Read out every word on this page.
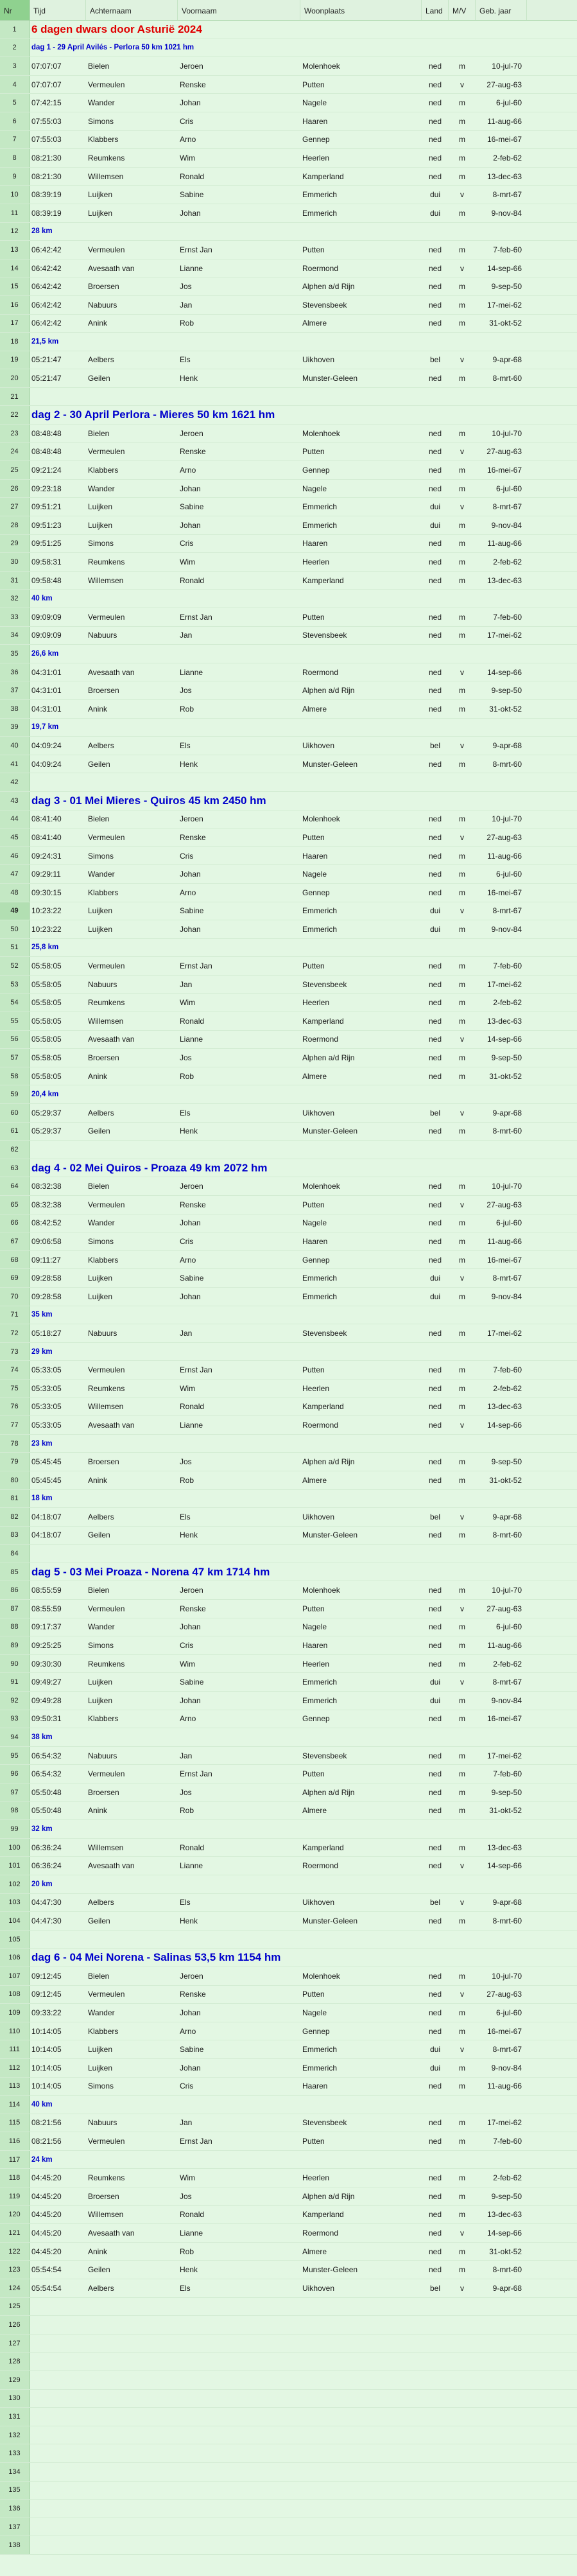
Nr	Tijd	Achternaam	Voornaam	Woonplaats	Land	M/V	Geb. jaar
1	6 dagen dwars door Asturië 2024
2	dag 1 - 29 April Avilés - Perlora 50 km 1021 hm
3	07:07:07	Bielen	Jeroen	Molenhoek	ned	m	10-jul-70
4	07:07:07	Vermeulen	Renske	Putten	ned	v	27-aug-63
5	07:42:15	Wander	Johan	Nagele	ned	m	6-jul-60
6	07:55:03	Simons	Cris	Haaren	ned	m	11-aug-66
7	07:55:03	Klabbers	Arno	Gennep	ned	m	16-mei-67
8	08:21:30	Reumkens	Wim	Heerlen	ned	m	2-feb-62
9	08:21:30	Willemsen	Ronald	Kamperland	ned	m	13-dec-63
10	08:39:19	Luijken	Sabine	Emmerich	dui	v	8-mrt-67
11	08:39:19	Luijken	Johan	Emmerich	dui	m	9-nov-84
12	28 km
13	06:42:42	Vermeulen	Ernst Jan	Putten	ned	m	7-feb-60
14	06:42:42	Avesaath van	Lianne	Roermond	ned	v	14-sep-66
15	06:42:42	Broersen	Jos	Alphen a/d Rijn	ned	m	9-sep-50
16	06:42:42	Nabuurs	Jan	Stevensbeek	ned	m	17-mei-62
17	06:42:42	Anink	Rob	Almere	ned	m	31-okt-52
18	21,5 km
19	05:21:47	Aelbers	Els	Uikhoven	bel	v	9-apr-68
20	05:21:47	Geilen	Henk	Munster-Geleen	ned	m	8-mrt-60
21
22	dag 2 - 30 April Perlora - Mieres 50 km 1621 hm
23	08:48:48	Bielen	Jeroen	Molenhoek	ned	m	10-jul-70
24	08:48:48	Vermeulen	Renske	Putten	ned	v	27-aug-63
25	09:21:24	Klabbers	Arno	Gennep	ned	m	16-mei-67
26	09:23:18	Wander	Johan	Nagele	ned	m	6-jul-60
27	09:51:21	Luijken	Sabine	Emmerich	dui	v	8-mrt-67
28	09:51:23	Luijken	Johan	Emmerich	dui	m	9-nov-84
29	09:51:25	Simons	Cris	Haaren	ned	m	11-aug-66
30	09:58:31	Reumkens	Wim	Heerlen	ned	m	2-feb-62
31	09:58:48	Willemsen	Ronald	Kamperland	ned	m	13-dec-63
32	40 km
33	09:09:09	Vermeulen	Ernst Jan	Putten	ned	m	7-feb-60
34	09:09:09	Nabuurs	Jan	Stevensbeek	ned	m	17-mei-62
35	26,6 km
36	04:31:01	Avesaath van	Lianne	Roermond	ned	v	14-sep-66
37	04:31:01	Broersen	Jos	Alphen a/d Rijn	ned	m	9-sep-50
38	04:31:01	Anink	Rob	Almere	ned	m	31-okt-52
39	19,7 km
40	04:09:24	Aelbers	Els	Uikhoven	bel	v	9-apr-68
41	04:09:24	Geilen	Henk	Munster-Geleen	ned	m	8-mrt-60
42
43	dag 3 - 01 Mei Mieres - Quiros 45 km 2450 hm
44	08:41:40	Bielen	Jeroen	Molenhoek	ned	m	10-jul-70
45	08:41:40	Vermeulen	Renske	Putten	ned	v	27-aug-63
46	09:24:31	Simons	Cris	Haaren	ned	m	11-aug-66
47	09:29:11	Wander	Johan	Nagele	ned	m	6-jul-60
48	09:30:15	Klabbers	Arno	Gennep	ned	m	16-mei-67
49	10:23:22	Luijken	Sabine	Emmerich	dui	v	8-mrt-67
50	10:23:22	Luijken	Johan	Emmerich	dui	m	9-nov-84
51	25,8 km
52	05:58:05	Vermeulen	Ernst Jan	Putten	ned	m	7-feb-60
53	05:58:05	Nabuurs	Jan	Stevensbeek	ned	m	17-mei-62
54	05:58:05	Reumkens	Wim	Heerlen	ned	m	2-feb-62
55	05:58:05	Willemsen	Ronald	Kamperland	ned	m	13-dec-63
56	05:58:05	Avesaath van	Lianne	Roermond	ned	v	14-sep-66
57	05:58:05	Broersen	Jos	Alphen a/d Rijn	ned	m	9-sep-50
58	05:58:05	Anink	Rob	Almere	ned	m	31-okt-52
59	20,4 km
60	05:29:37	Aelbers	Els	Uikhoven	bel	v	9-apr-68
61	05:29:37	Geilen	Henk	Munster-Geleen	ned	m	8-mrt-60
62
63	dag 4 - 02 Mei Quiros - Proaza 49 km 2072 hm
64	08:32:38	Bielen	Jeroen	Molenhoek	ned	m	10-jul-70
65	08:32:38	Vermeulen	Renske	Putten	ned	v	27-aug-63
66	08:42:52	Wander	Johan	Nagele	ned	m	6-jul-60
67	09:06:58	Simons	Cris	Haaren	ned	m	11-aug-66
68	09:11:27	Klabbers	Arno	Gennep	ned	m	16-mei-67
69	09:28:58	Luijken	Sabine	Emmerich	dui	v	8-mrt-67
70	09:28:58	Luijken	Johan	Emmerich	dui	m	9-nov-84
71	35 km
72	05:18:27	Nabuurs	Jan	Stevensbeek	ned	m	17-mei-62
73	29 km
74	05:33:05	Vermeulen	Ernst Jan	Putten	ned	m	7-feb-60
75	05:33:05	Reumkens	Wim	Heerlen	ned	m	2-feb-62
76	05:33:05	Willemsen	Ronald	Kamperland	ned	m	13-dec-63
77	05:33:05	Avesaath van	Lianne	Roermond	ned	v	14-sep-66
78	23 km
79	05:45:45	Broersen	Jos	Alphen a/d Rijn	ned	m	9-sep-50
80	05:45:45	Anink	Rob	Almere	ned	m	31-okt-52
81	18 km
82	04:18:07	Aelbers	Els	Uikhoven	bel	v	9-apr-68
83	04:18:07	Geilen	Henk	Munster-Geleen	ned	m	8-mrt-60
84
85	dag 5 - 03 Mei Proaza - Norena 47 km 1714 hm
86	08:55:59	Bielen	Jeroen	Molenhoek	ned	m	10-jul-70
87	08:55:59	Vermeulen	Renske	Putten	ned	v	27-aug-63
88	09:17:37	Wander	Johan	Nagele	ned	m	6-jul-60
89	09:25:25	Simons	Cris	Haaren	ned	m	11-aug-66
90	09:30:30	Reumkens	Wim	Heerlen	ned	m	2-feb-62
91	09:49:27	Luijken	Sabine	Emmerich	dui	v	8-mrt-67
92	09:49:28	Luijken	Johan	Emmerich	dui	m	9-nov-84
93	09:50:31	Klabbers	Arno	Gennep	ned	m	16-mei-67
94	38 km
95	06:54:32	Nabuurs	Jan	Stevensbeek	ned	m	17-mei-62
96	06:54:32	Vermeulen	Ernst Jan	Putten	ned	m	7-feb-60
97	05:50:48	Broersen	Jos	Alphen a/d Rijn	ned	m	9-sep-50
98	05:50:48	Anink	Rob	Almere	ned	m	31-okt-52
99	32 km
100	06:36:24	Willemsen	Ronald	Kamperland	ned	m	13-dec-63
101	06:36:24	Avesaath van	Lianne	Roermond	ned	v	14-sep-66
102	20 km
103	04:47:30	Aelbers	Els	Uikhoven	bel	v	9-apr-68
104	04:47:30	Geilen	Henk	Munster-Geleen	ned	m	8-mrt-60
105
106	dag 6 - 04 Mei Norena - Salinas 53,5 km 1154 hm
107	09:12:45	Bielen	Jeroen	Molenhoek	ned	m	10-jul-70
108	09:12:45	Vermeulen	Renske	Putten	ned	v	27-aug-63
109	09:33:22	Wander	Johan	Nagele	ned	m	6-jul-60
110	10:14:05	Klabbers	Arno	Gennep	ned	m	16-mei-67
111	10:14:05	Luijken	Sabine	Emmerich	dui	v	8-mrt-67
112	10:14:05	Luijken	Johan	Emmerich	dui	m	9-nov-84
113	10:14:05	Simons	Cris	Haaren	ned	m	11-aug-66
114	40 km
115	08:21:56	Nabuurs	Jan	Stevensbeek	ned	m	17-mei-62
116	08:21:56	Vermeulen	Ernst Jan	Putten	ned	m	7-feb-60
117	24 km
118	04:45:20	Reumkens	Wim	Heerlen	ned	m	2-feb-62
119	04:45:20	Broersen	Jos	Alphen a/d Rijn	ned	m	9-sep-50
120	04:45:20	Willemsen	Ronald	Kamperland	ned	m	13-dec-63
121	04:45:20	Avesaath van	Lianne	Roermond	ned	v	14-sep-66
122	04:45:20	Anink	Rob	Almere	ned	m	31-okt-52
123	05:54:54	Geilen	Henk	Munster-Geleen	ned	m	8-mrt-60
124	05:54:54	Aelbers	Els	Uikhoven	bel	v	9-apr-68
125
126
127
128
129
130
131
132
133
134
135
136
137
138
